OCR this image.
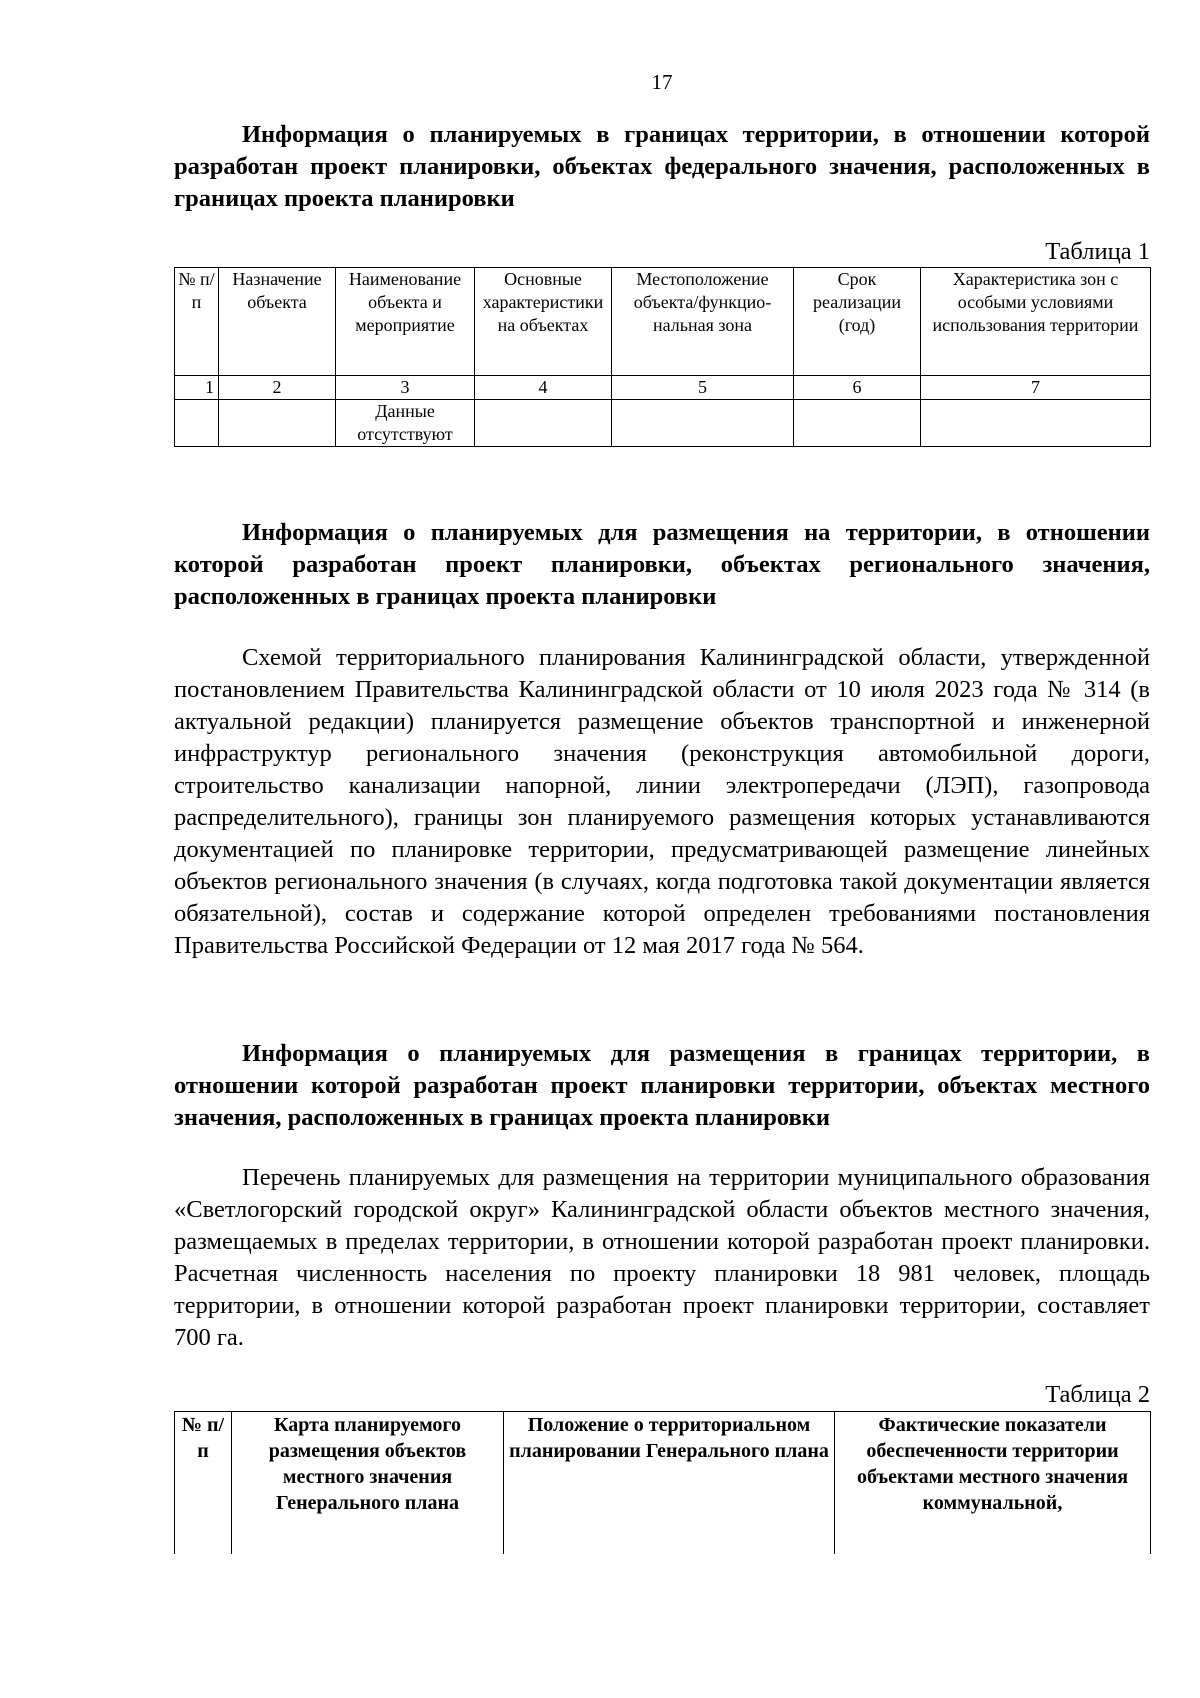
17

Информация о планируемых в границах территории, в отношении которой разработан проект планировки, объектах федерального значения, расположенных в границах проекта планировки

Таблица 1
№ п/п	Назначение объекта	Наименование объекта и мероприятие	Основные характеристики на объектах	Местоположение объекта/функцио-нальная зона	Срок реализации (год)	Характеристика зон с особыми условиями использования территории
1	2	3	4	5	6	7
		Данные отсутствуют				

Информация о планируемых для размещения на территории, в отношении которой разработан проект планировки, объектах регионального значения, расположенных в границах проекта планировки

Схемой территориального планирования Калининградской области, утвержденной постановлением Правительства Калининградской области от 10 июля 2023 года № 314 (в актуальной редакции) планируется размещение объектов транспортной и инженерной инфраструктур регионального значения (реконструкция автомобильной дороги, строительство канализации напорной, линии электропередачи (ЛЭП), газопровода распределительного), границы зон планируемого размещения которых устанавливаются документацией по планировке территории, предусматривающей размещение линейных объектов регионального значения (в случаях, когда подготовка такой документации является обязательной), состав и содержание которой определен требованиями постановления Правительства Российской Федерации от 12 мая 2017 года № 564.

Информация о планируемых для размещения в границах территории, в отношении которой разработан проект планировки территории, объектах местного значения, расположенных в границах проекта планировки

Перечень планируемых для размещения на территории муниципального образования «Светлогорский городской округ» Калининградской области объектов местного значения, размещаемых в пределах территории, в отношении которой разработан проект планировки. Расчетная численность населения по проекту планировки 18 981 человек, площадь территории, в отношении которой разработан проект планировки территории, составляет 700 га.

Таблица 2
№ п/п	Карта планируемого размещения объектов местного значения Генерального плана	Положение о территориальном планировании Генерального плана	Фактические показатели обеспеченности территории объектами местного значения коммунальной,
